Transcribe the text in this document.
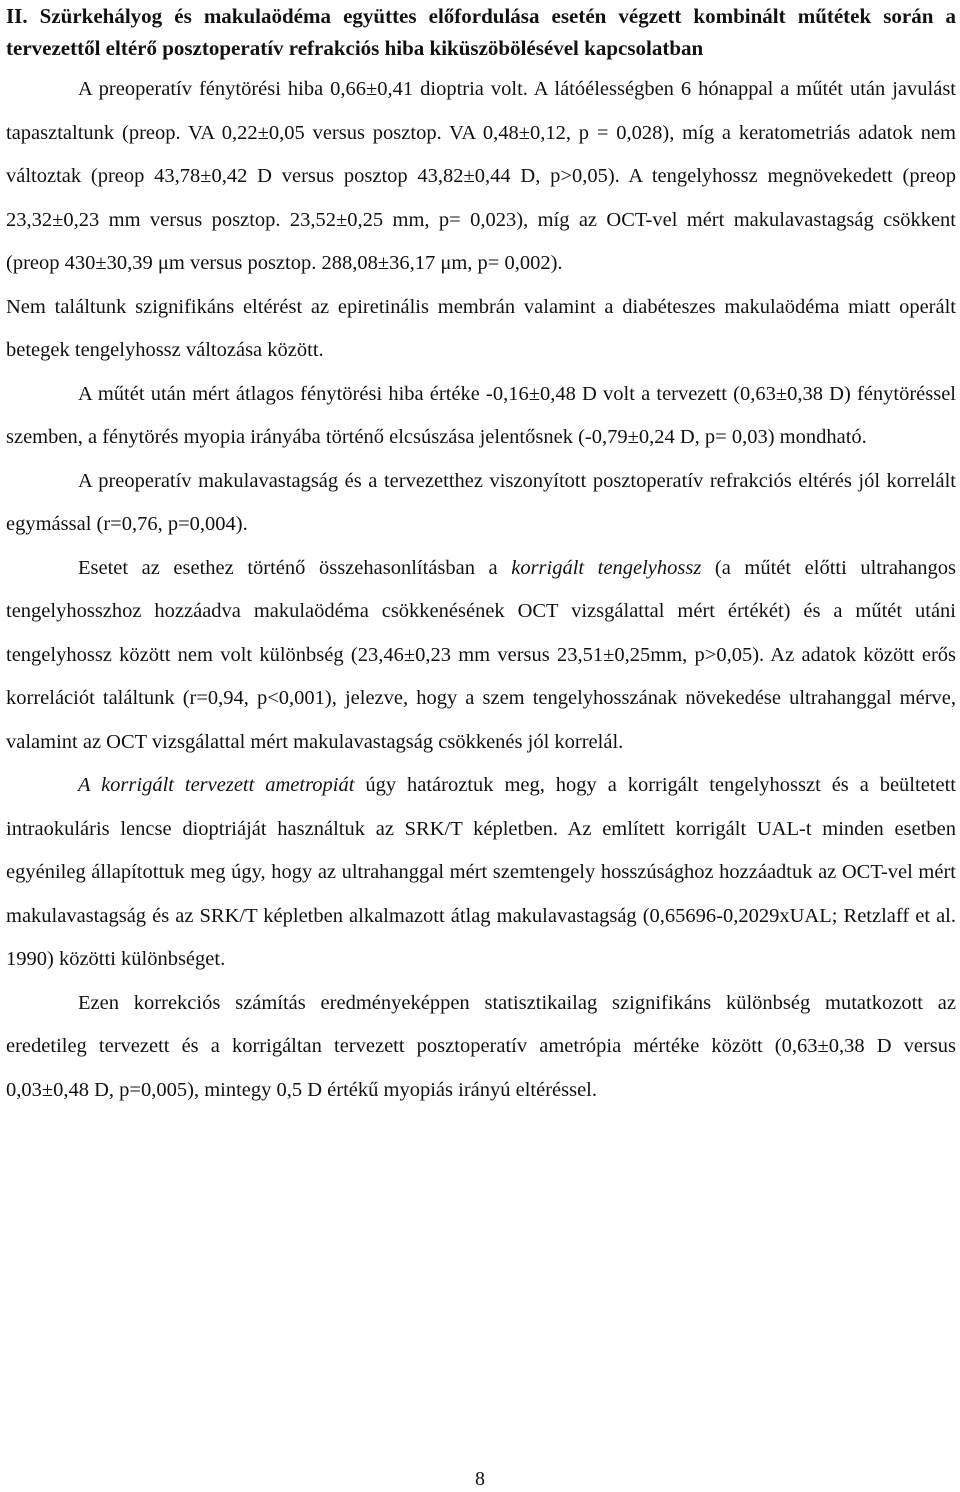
II. Szürkehályog és makulaödéma együttes előfordulása esetén végzett kombinált műtétek során a tervezettől eltérő posztoperatív refrakciós hiba kiküszöbölésével kapcsolatban

A preoperatív fénytörési hiba 0,66±0,41 dioptria volt. A látóélességben 6 hónappal a műtét után javulást tapasztaltunk (preop. VA 0,22±0,05 versus posztop. VA 0,48±0,12, p = 0,028), míg a keratometriás adatok nem változtak (preop 43,78±0,42 D versus posztop 43,82±0,44 D, p>0,05). A tengelyhossz megnövekedett (preop 23,32±0,23 mm versus posztop. 23,52±0,25 mm, p= 0,023), míg az OCT-vel mért makulavastagság csökkent (preop 430±30,39 μm versus posztop. 288,08±36,17 μm, p= 0,002).

Nem találtunk szignifikáns eltérést az epiretinális membrán valamint a diabéteszes makulaödéma miatt operált betegek tengelyhossz változása között.

A műtét után mért átlagos fénytörési hiba értéke -0,16±0,48 D volt a tervezett (0,63±0,38 D) fénytöréssel szemben, a fénytörés myopia irányába történő elcsúszása jelentősnek (-0,79±0,24 D, p= 0,03) mondható.

A preoperatív makulavastagság és a tervezetthez viszonyított posztoperatív refrakciós eltérés jól korrelált egymással (r=0,76, p=0,004).

Esetet az esethez történő összehasonlításban a korrigált tengelyhossz (a műtét előtti ultrahangos tengelyhosszhoz hozzáadva makulaödéma csökkenésének OCT vizsgálattal mért értékét) és a műtét utáni tengelyhossz között nem volt különbség (23,46±0,23 mm versus 23,51±0,25mm, p>0,05). Az adatok között erős korrelációt találtunk (r=0,94, p<0,001), jelezve, hogy a szem tengelyhosszának növekedése ultrahanggal mérve, valamint az OCT vizsgálattal mért makulavastagság csökkenés jól korrelál.

A korrigált tervezett ametropiát úgy határoztuk meg, hogy a korrigált tengelyhosszt és a beültetett intraokuláris lencse dioptriáját használtuk az SRK/T képletben. Az említett korrigált UAL-t minden esetben egyénileg állapítottuk meg úgy, hogy az ultrahanggal mért szemtengely hosszúsághoz hozzáadtuk az OCT-vel mért makulavastagság és az SRK/T képletben alkalmazott átlag makulavastagság (0,65696-0,2029xUAL; Retzlaff et al. 1990) közötti különbséget.

Ezen korrekciós számítás eredményeképpen statisztikailag szignifikáns különbség mutatkozott az eredetileg tervezett és a korrigáltan tervezett posztoperatív ametrópia mértéke között (0,63±0,38 D versus 0,03±0,48 D, p=0,005), mintegy 0,5 D értékű myopiás irányú eltéréssel.

8
